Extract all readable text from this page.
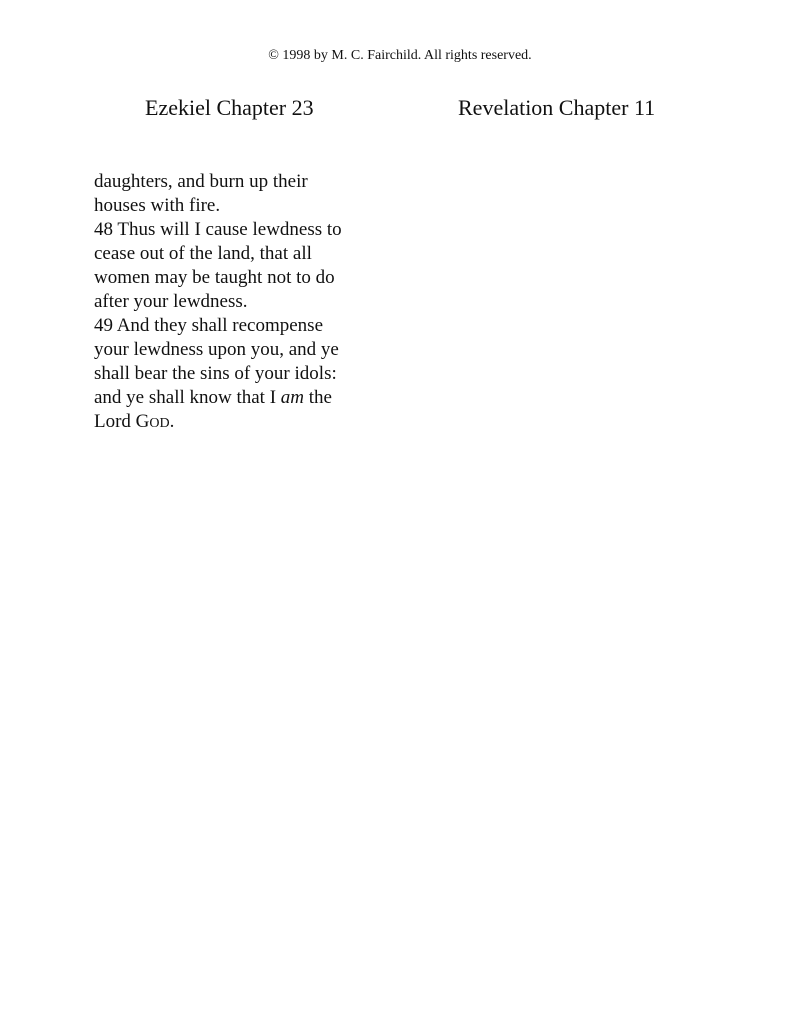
© 1998 by M. C. Fairchild. All rights reserved.
Ezekiel Chapter 23	Revelation Chapter 11
daughters, and burn up their
houses with fire.
48 Thus will I cause lewdness to
cease out of the land, that all
women may be taught not to do
after your lewdness.
49 And they shall recompense
your lewdness upon you, and ye
shall bear the sins of your idols:
and ye shall know that I am the
Lord GOD.
